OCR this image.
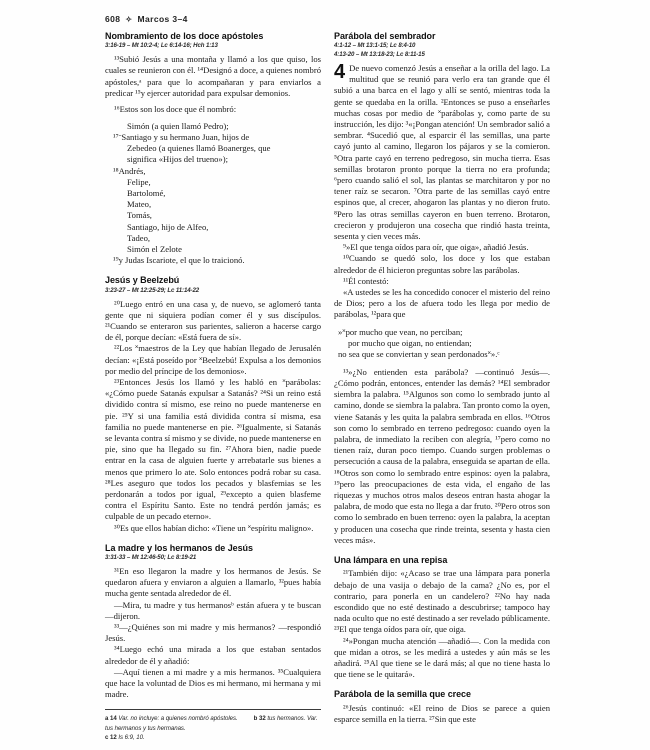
608 ✧ Marcos 3–4
Nombramiento de los doce apóstoles
3:16-19 – Mt 10:2-4; Lc 6:14-16; Hch 1:13

¹³Subió Jesús a una montaña y llamó a los que quiso, los cuales se reunieron con él. ¹⁴Designó a doce, a quienes nombró apóstoles,ᵃ para que lo acompañaran y para enviarlos a predicar ¹⁵y ejercer autoridad para expulsar demonios.

¹⁶Estos son los doce que él nombró:

Simón (a quien llamó Pedro);
¹⁷ˉSantiago y su hermano Juan, hijos de
Zebedeo (a quienes llamó Boanerges, que
significa «Hijos del trueno»);
¹⁸Andrés,
Felipe,
Bartolomé,
Mateo,
Tomás,
Santiago, hijo de Alfeo,
Tadeo,
Simón el Zelote
¹⁹y Judas Iscariote, el que lo traicionó.
Jesús y Beelzebú
3:23-27 – Mt 12:25-29; Lc 11:14-22

²⁰Luego entró en una casa y, de nuevo, se aglomeró tanta gente que ni siquiera podían comer él y sus discípulos. ²¹Cuando se enteraron sus parientes, salieron a hacerse cargo de él, porque decían: «Está fuera de sí».

²²Los ˟maestros de la Ley que habían llegado de Jerusalén decían: «¡Está poseído por ˟Beelzebú! Expulsa a los demonios por medio del príncipe de los demonios».

²³Entonces Jesús los llamó y les habló en ˟parábolas: «¿Cómo puede Satanás expulsar a Satanás? ²⁴Si un reino está dividido contra sí mismo, ese reino no puede mantenerse en pie. ²⁵Y si una familia está dividida contra sí misma, esa familia no puede mantenerse en pie. ²⁶Igualmente, si Satanás se levanta contra sí mismo y se divide, no puede mantenerse en pie, sino que ha llegado su fin. ²⁷Ahora bien, nadie puede entrar en la casa de alguien fuerte y arrebatarle sus bienes a menos que primero lo ate. Solo entonces podrá robar su casa. ²⁸Les aseguro que todos los pecados y blasfemias se les perdonarán a todos por igual, ²⁹excepto a quien blasfeme contra el Espíritu Santo. Este no tendrá perdón jamás; es culpable de un pecado eterno».

³⁰Es que ellos habían dicho: «Tiene un ˟espíritu maligno».

La madre y los hermanos de Jesús
3:31-33 – Mt 12:46-50; Lc 8:19-21

³¹En eso llegaron la madre y los hermanos de Jesús. Se quedaron afuera y enviaron a alguien a llamarlo, ³²pues había mucha gente sentada alrededor de él.

—Mira, tu madre y tus hermanosᵇ están afuera y te buscan —dijeron.

³³—¿Quiénes son mi madre y mis hermanos? —respondió Jesús.

³⁴Luego echó una mirada a los que estaban sentados alrededor de él y añadió:

—Aquí tienen a mi madre y a mis hermanos. ³⁵Cualquiera que hace la voluntad de Dios es mi hermano, mi hermana y mi madre.

a 14 Var. no incluye: a quienes nombró apóstoles.	b 32 tus hermanos. Var. tus hermanos y tus hermanas.

c 12 Is 6:9, 10.

Parábola del sembrador
4:1-12 – Mt 13:1-15; Lc 8:4-10
4:13-20 – Mt 13:18-23; Lc 8:11-15

4 De nuevo comenzó Jesús a enseñar a la orilla del lago. La multitud que se reunió para verlo era tan grande que él subió a una barca en el lago y allí se sentó, mientras toda la gente se quedaba en la orilla. ²Entonces se puso a enseñarles muchas cosas por medio de ˟parábolas y, como parte de su instrucción, les dijo: ³«¡Pongan atención! Un sembrador salió a sembrar. ⁴Sucedió que, al esparcir él las semillas, una parte cayó junto al camino, llegaron los pájaros y se la comieron. ⁵Otra parte cayó en terreno pedregoso, sin mucha tierra. Esas semillas brotaron pronto porque la tierra no era profunda; ⁶pero cuando salió el sol, las plantas se marchitaron y por no tener raíz se secaron. ⁷Otra parte de las semillas cayó entre espinos que, al crecer, ahogaron las plantas y no dieron fruto. ⁸Pero las otras semillas cayeron en buen terreno. Brotaron, crecieron y produjeron una cosecha que rindió hasta treinta, sesenta y cien veces más.

⁹»El que tenga oídos para oír, que oiga», añadió Jesús.

¹⁰Cuando se quedó solo, los doce y los que estaban alrededor de él hicieron preguntas sobre las parábolas.

¹¹Él contestó:

«A ustedes se les ha concedido conocer el misterio del reino de Dios; pero a los de afuera todo les llega por medio de parábolas, ¹²para que

»˟por mucho que vean, no perciban;
por mucho que oigan, no entiendan;
no sea que se conviertan y sean perdonados˟».ᶜ

¹³»¿No entienden esta parábola? —continuó Jesús—. ¿Cómo podrán, entonces, entender las demás? ¹⁴El sembrador siembra la palabra. ¹⁵Algunos son como lo sembrado junto al camino, donde se siembra la palabra. Tan pronto como la oyen, viene Satanás y les quita la palabra sembrada en ellos. ¹⁶Otros son como lo sembrado en terreno pedregoso: cuando oyen la palabra, de inmediato la reciben con alegría, ¹⁷pero como no tienen raíz, duran poco tiempo. Cuando surgen problemas o persecución a causa de la palabra, enseguida se apartan de ella. ¹⁸Otros son como lo sembrado entre espinos: oyen la palabra, ¹⁹pero las preocupaciones de esta vida, el engaño de las riquezas y muchos otros malos deseos entran hasta ahogar la palabra, de modo que esta no llega a dar fruto. ²⁰Pero otros son como lo sembrado en buen terreno: oyen la palabra, la aceptan y producen una cosecha que rinde treinta, sesenta y hasta cien veces más».

Una lámpara en una repisa

²¹También dijo: «¿Acaso se trae una lámpara para ponerla debajo de una vasija o debajo de la cama? ¿No es, por el contrario, para ponerla en un candelero? ²²No hay nada escondido que no esté destinado a descubrirse; tampoco hay nada oculto que no esté destinado a ser revelado públicamente. ²³El que tenga oídos para oír, que oiga.

²⁴»Pongan mucha atención —añadió—. Con la medida con que midan a otros, se les medirá a ustedes y aún más se les añadirá. ²⁵Al que tiene se le dará más; al que no tiene hasta lo que tiene se le quitará».

Parábola de la semilla que crece

²⁶Jesús continuó: «El reino de Dios se parece a quien esparce semilla en la tierra. ²⁷Sin que este
